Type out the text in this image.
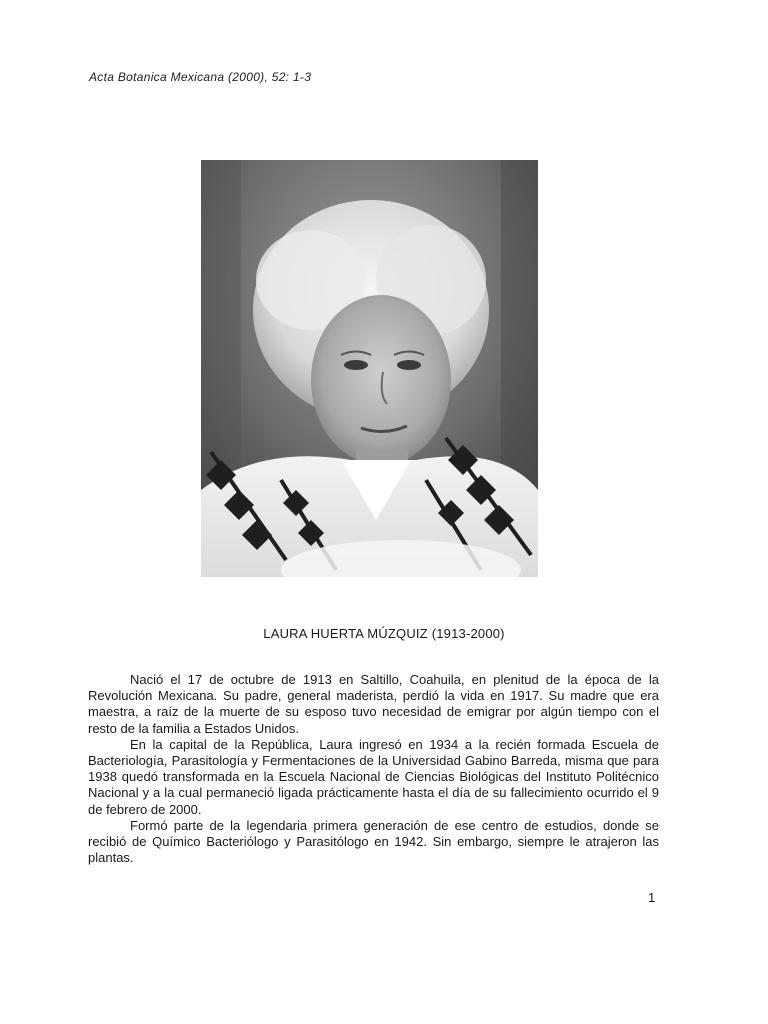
Acta Botanica Mexicana (2000), 52: 1-3
LAURA HUERTA MÚZQUIZ (1913-2000)

Nació el 17 de octubre de 1913 en Saltillo, Coahuila, en plenitud de la época de la Revolución Mexicana. Su padre, general maderista, perdió la vida en 1917. Su madre que era maestra, a raíz de la muerte de su esposo tuvo necesidad de emigrar por algún tiempo con el resto de la familia a Estados Unidos.

En la capital de la República, Laura ingresó en 1934 a la recién formada Escuela de Bacteriología, Parasitología y Fermentaciones de la Universidad Gabino Barreda, misma que para 1938 quedó transformada en la Escuela Nacional de Ciencias Biológicas del Instituto Politécnico Nacional y a la cual permaneció ligada prácticamente hasta el día de su fallecimiento ocurrido el 9 de febrero de 2000.

Formó parte de la legendaria primera generación de ese centro de estudios, donde se recibió de Químico Bacteriólogo y Parasitólogo en 1942. Sin embargo, siempre le atrajeron las plantas.

1
